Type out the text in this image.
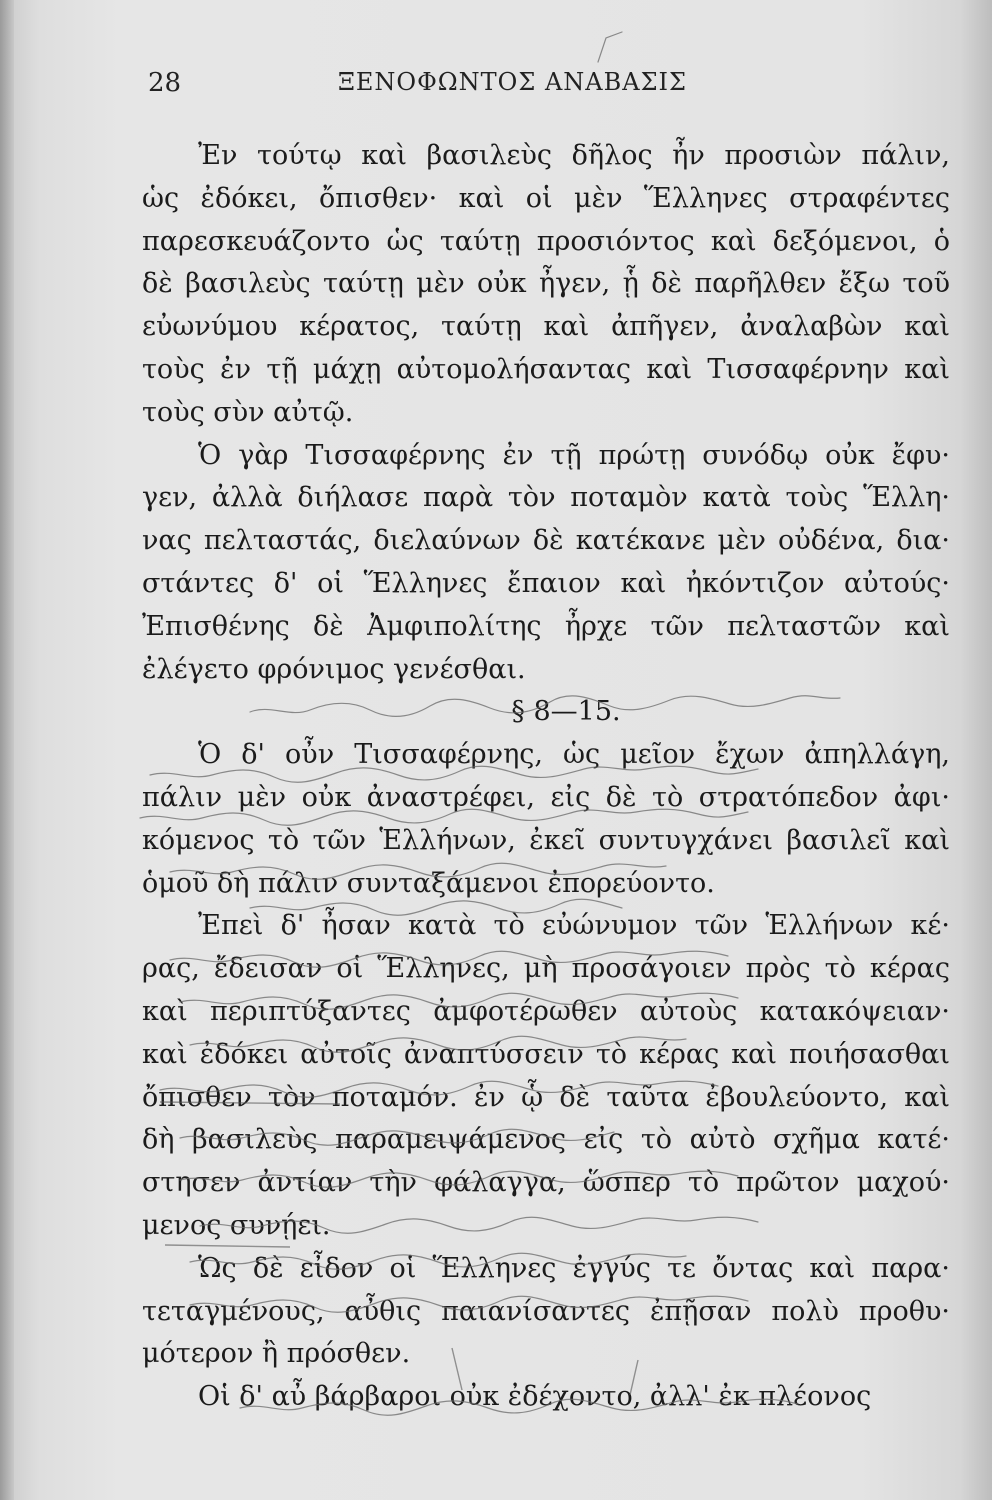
28	ΞΕΝΟΦΩΝΤΟΣ ΑΝΑΒΑΣΙΣ
Ἐν τούτῳ καὶ βασιλεὺς δῆλος ἦν προσιὼν πάλιν,
ὡς ἐδόκει, ὄπισθεν· καὶ οἱ μὲν Ἕλληνες στραφέντες
παρεσκευάζοντο ὡς ταύτῃ προσιόντος καὶ δεξόμενοι, ὁ
δὲ βασιλεὺς ταύτῃ μὲν οὐκ ἦγεν, ᾗ δὲ παρῆλθεν ἔξω τοῦ
εὐωνύμου κέρατος, ταύτῃ καὶ ἀπῆγεν, ἀναλαβὼν καὶ
τοὺς ἐν τῇ μάχῃ αὐτομολήσαντας καὶ Τισσαφέρνην καὶ
τοὺς σὺν αὐτῷ.
Ὁ γὰρ Τισσαφέρνης ἐν τῇ πρώτῃ συνόδῳ οὐκ ἔφυ·
γεν, ἀλλὰ διήλασε παρὰ τὸν ποταμὸν κατὰ τοὺς Ἕλλη·
νας πελταστάς, διελαύνων δὲ κατέκανε μὲν οὐδένα, δια·
στάντες δ' οἱ Ἕλληνες ἔπαιον καὶ ἠκόντιζον αὐτούς·
Ἐπισθένης δὲ Ἀμφιπολίτης ἦρχε τῶν πελταστῶν καὶ
ἐλέγετο φρόνιμος γενέσθαι.
§ 8—15.
Ὁ δ' οὖν Τισσαφέρνης, ὡς μεῖον ἔχων ἀπηλλάγη,
πάλιν μὲν οὐκ ἀναστρέφει, εἰς δὲ τὸ στρατόπεδον ἀφι·
κόμενος τὸ τῶν Ἑλλήνων, ἐκεῖ συντυγχάνει βασιλεῖ καὶ
ὁμοῦ δὴ πάλιν συνταξάμενοι ἐπορεύοντο.
Ἐπεὶ δ' ἦσαν κατὰ τὸ εὐώνυμον τῶν Ἑλλήνων κέ·
ρας, ἔδεισαν οἱ Ἕλληνες, μὴ προσάγοιεν πρὸς τὸ κέρας
καὶ περιπτύξαντες ἀμφοτέρωθεν αὐτοὺς κατακόψειαν·
καὶ ἐδόκει αὐτοῖς ἀναπτύσσειν τὸ κέρας καὶ ποιήσασθαι
ὄπισθεν τὸν ποταμόν. ἐν ᾧ δὲ ταῦτα ἐβουλεύοντο, καὶ
δὴ βασιλεὺς παραμειψάμενος εἰς τὸ αὐτὸ σχῆμα κατέ·
στησεν ἀντίαν τὴν φάλαγγα, ὥσπερ τὸ πρῶτον μαχού·
μενος συνῄει.
Ὡς δὲ εἶδον οἱ Ἕλληνες ἐγγύς τε ὄντας καὶ παρα·
τεταγμένους, αὖθις παιανίσαντες ἐπῇσαν πολὺ προθυ·
μότερον ἢ πρόσθεν.
Οἱ δ' αὖ βάρβαροι οὐκ ἐδέχοντο, ἀλλ' ἐκ πλέονος
